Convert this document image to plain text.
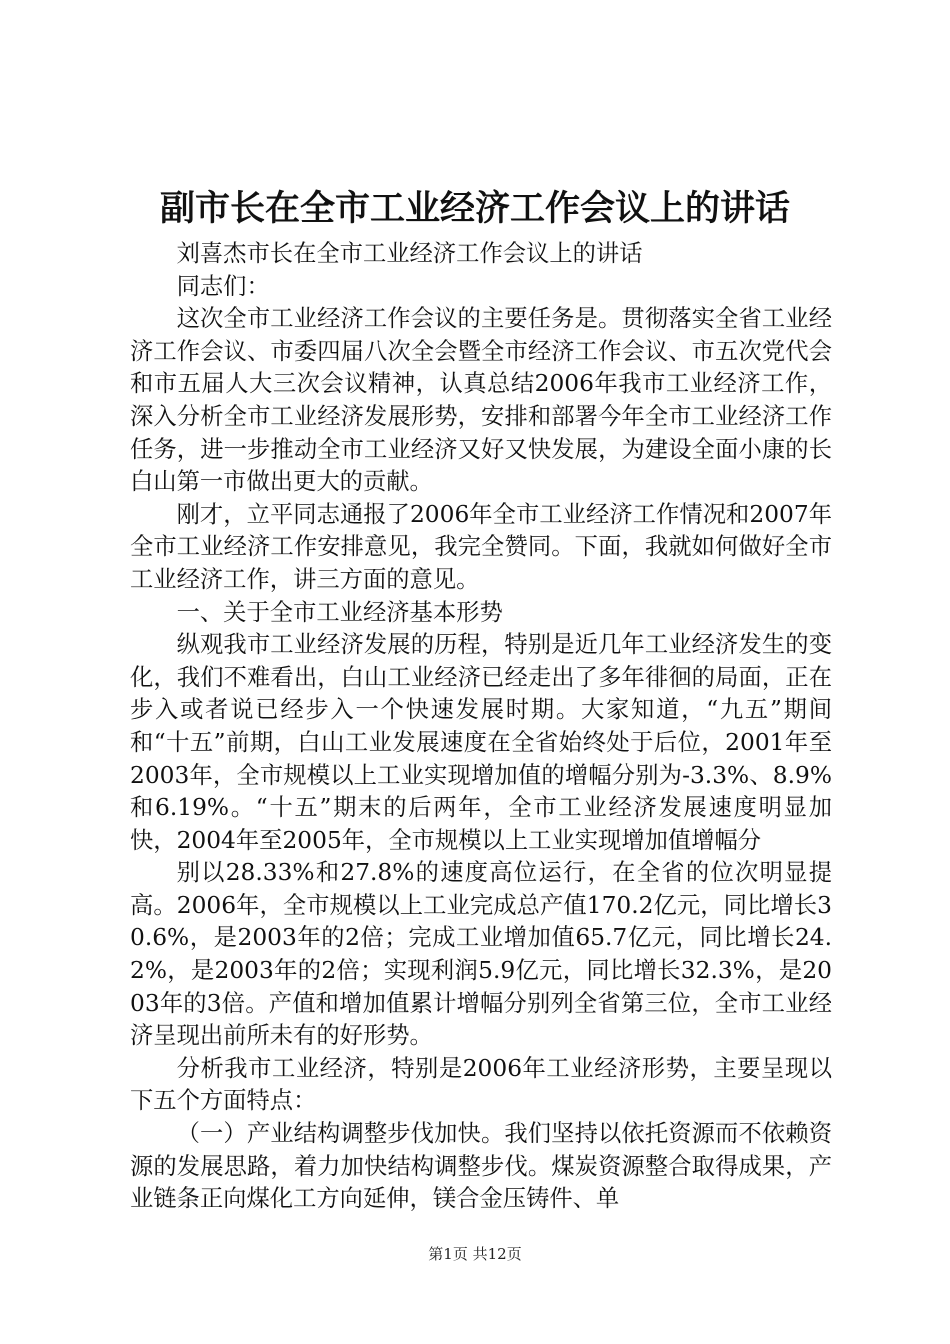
副市长在全市工业经济工作会议上的讲话

刘喜杰市长在全市工业经济工作会议上的讲话

同志们：

这次全市工业经济工作会议的主要任务是。贯彻落实全省工业经济工作会议、市委四届八次全会暨全市经济工作会议、市五次党代会和市五届人大三次会议精神，认真总结2006年我市工业经济工作，深入分析全市工业经济发展形势，安排和部署今年全市工业经济工作任务，进一步推动全市工业经济又好又快发展，为建设全面小康的长白山第一市做出更大的贡献。

刚才，立平同志通报了2006年全市工业经济工作情况和2007年全市工业经济工作安排意见，我完全赞同。下面，我就如何做好全市工业经济工作，讲三方面的意见。

一、关于全市工业经济基本形势

纵观我市工业经济发展的历程，特别是近几年工业经济发生的变化，我们不难看出，白山工业经济已经走出了多年徘徊的局面，正在步入或者说已经步入一个快速发展时期。大家知道，“九五”期间和“十五”前期，白山工业发展速度在全省始终处于后位，2001年至2003年，全市规模以上工业实现增加值的增幅分别为-3.3%、8.9%和6.19%。“十五”期末的后两年，全市工业经济发展速度明显加快，2004年至2005年，全市规模以上工业实现增加值增幅分

别以28.33%和27.8%的速度高位运行，在全省的位次明显提高。2006年，全市规模以上工业完成总产值170.2亿元，同比增长30.6%，是2003年的2倍；完成工业增加值65.7亿元，同比增长24.2%，是2003年的2倍；实现利润5.9亿元，同比增长32.3%，是2003年的3倍。产值和增加值累计增幅分别列全省第三位，全市工业经济呈现出前所未有的好形势。

分析我市工业经济，特别是2006年工业经济形势，主要呈现以下五个方面特点：

（一）产业结构调整步伐加快。我们坚持以依托资源而不依赖资源的发展思路，着力加快结构调整步伐。煤炭资源整合取得成果，产业链条正向煤化工方向延伸，镁合金压铸件、单

第1页 共12页
